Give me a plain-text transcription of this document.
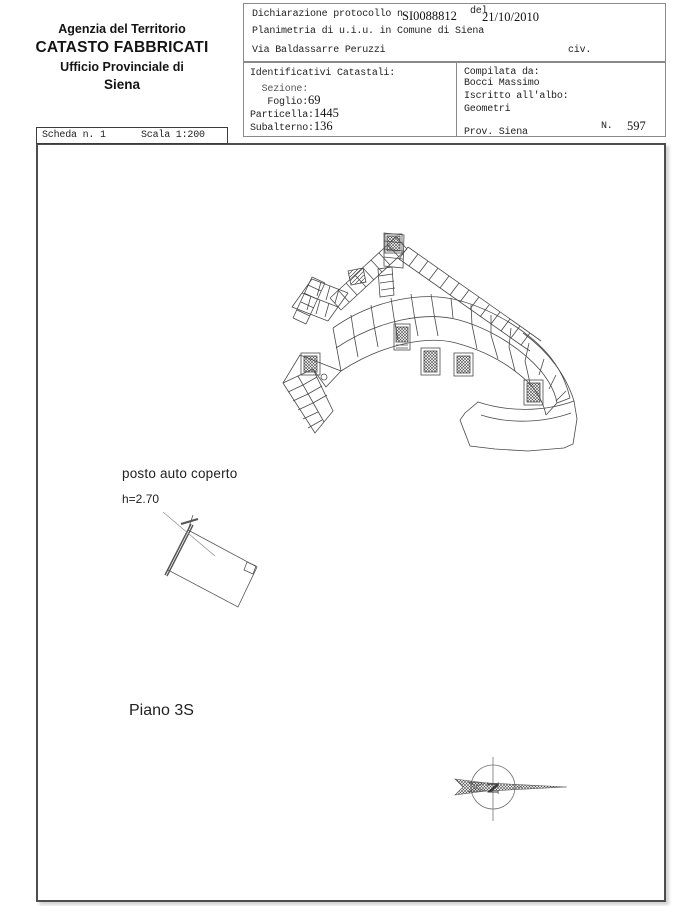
Agenzia del Territorio
CATASTO FABBRICATI
Ufficio Provinciale di
Siena
Dichiarazione protocollo n.
SI0088812 del
21/10/2010
Planimetria di u.i.u. in Comune di Siena
Via Baldassarre Peruzzi	civ.
Identificativi Catastali:
Sezione:
Foglio:69
Particella:1445
Subalterno:136
Compilata da:
Bocci Massimo
Iscritto all'albo:
Geometri
Prov. Siena
N. 597
Scheda n. 1	Scala 1:200
N
posto auto coperto
h=2.70
Piano 3S
